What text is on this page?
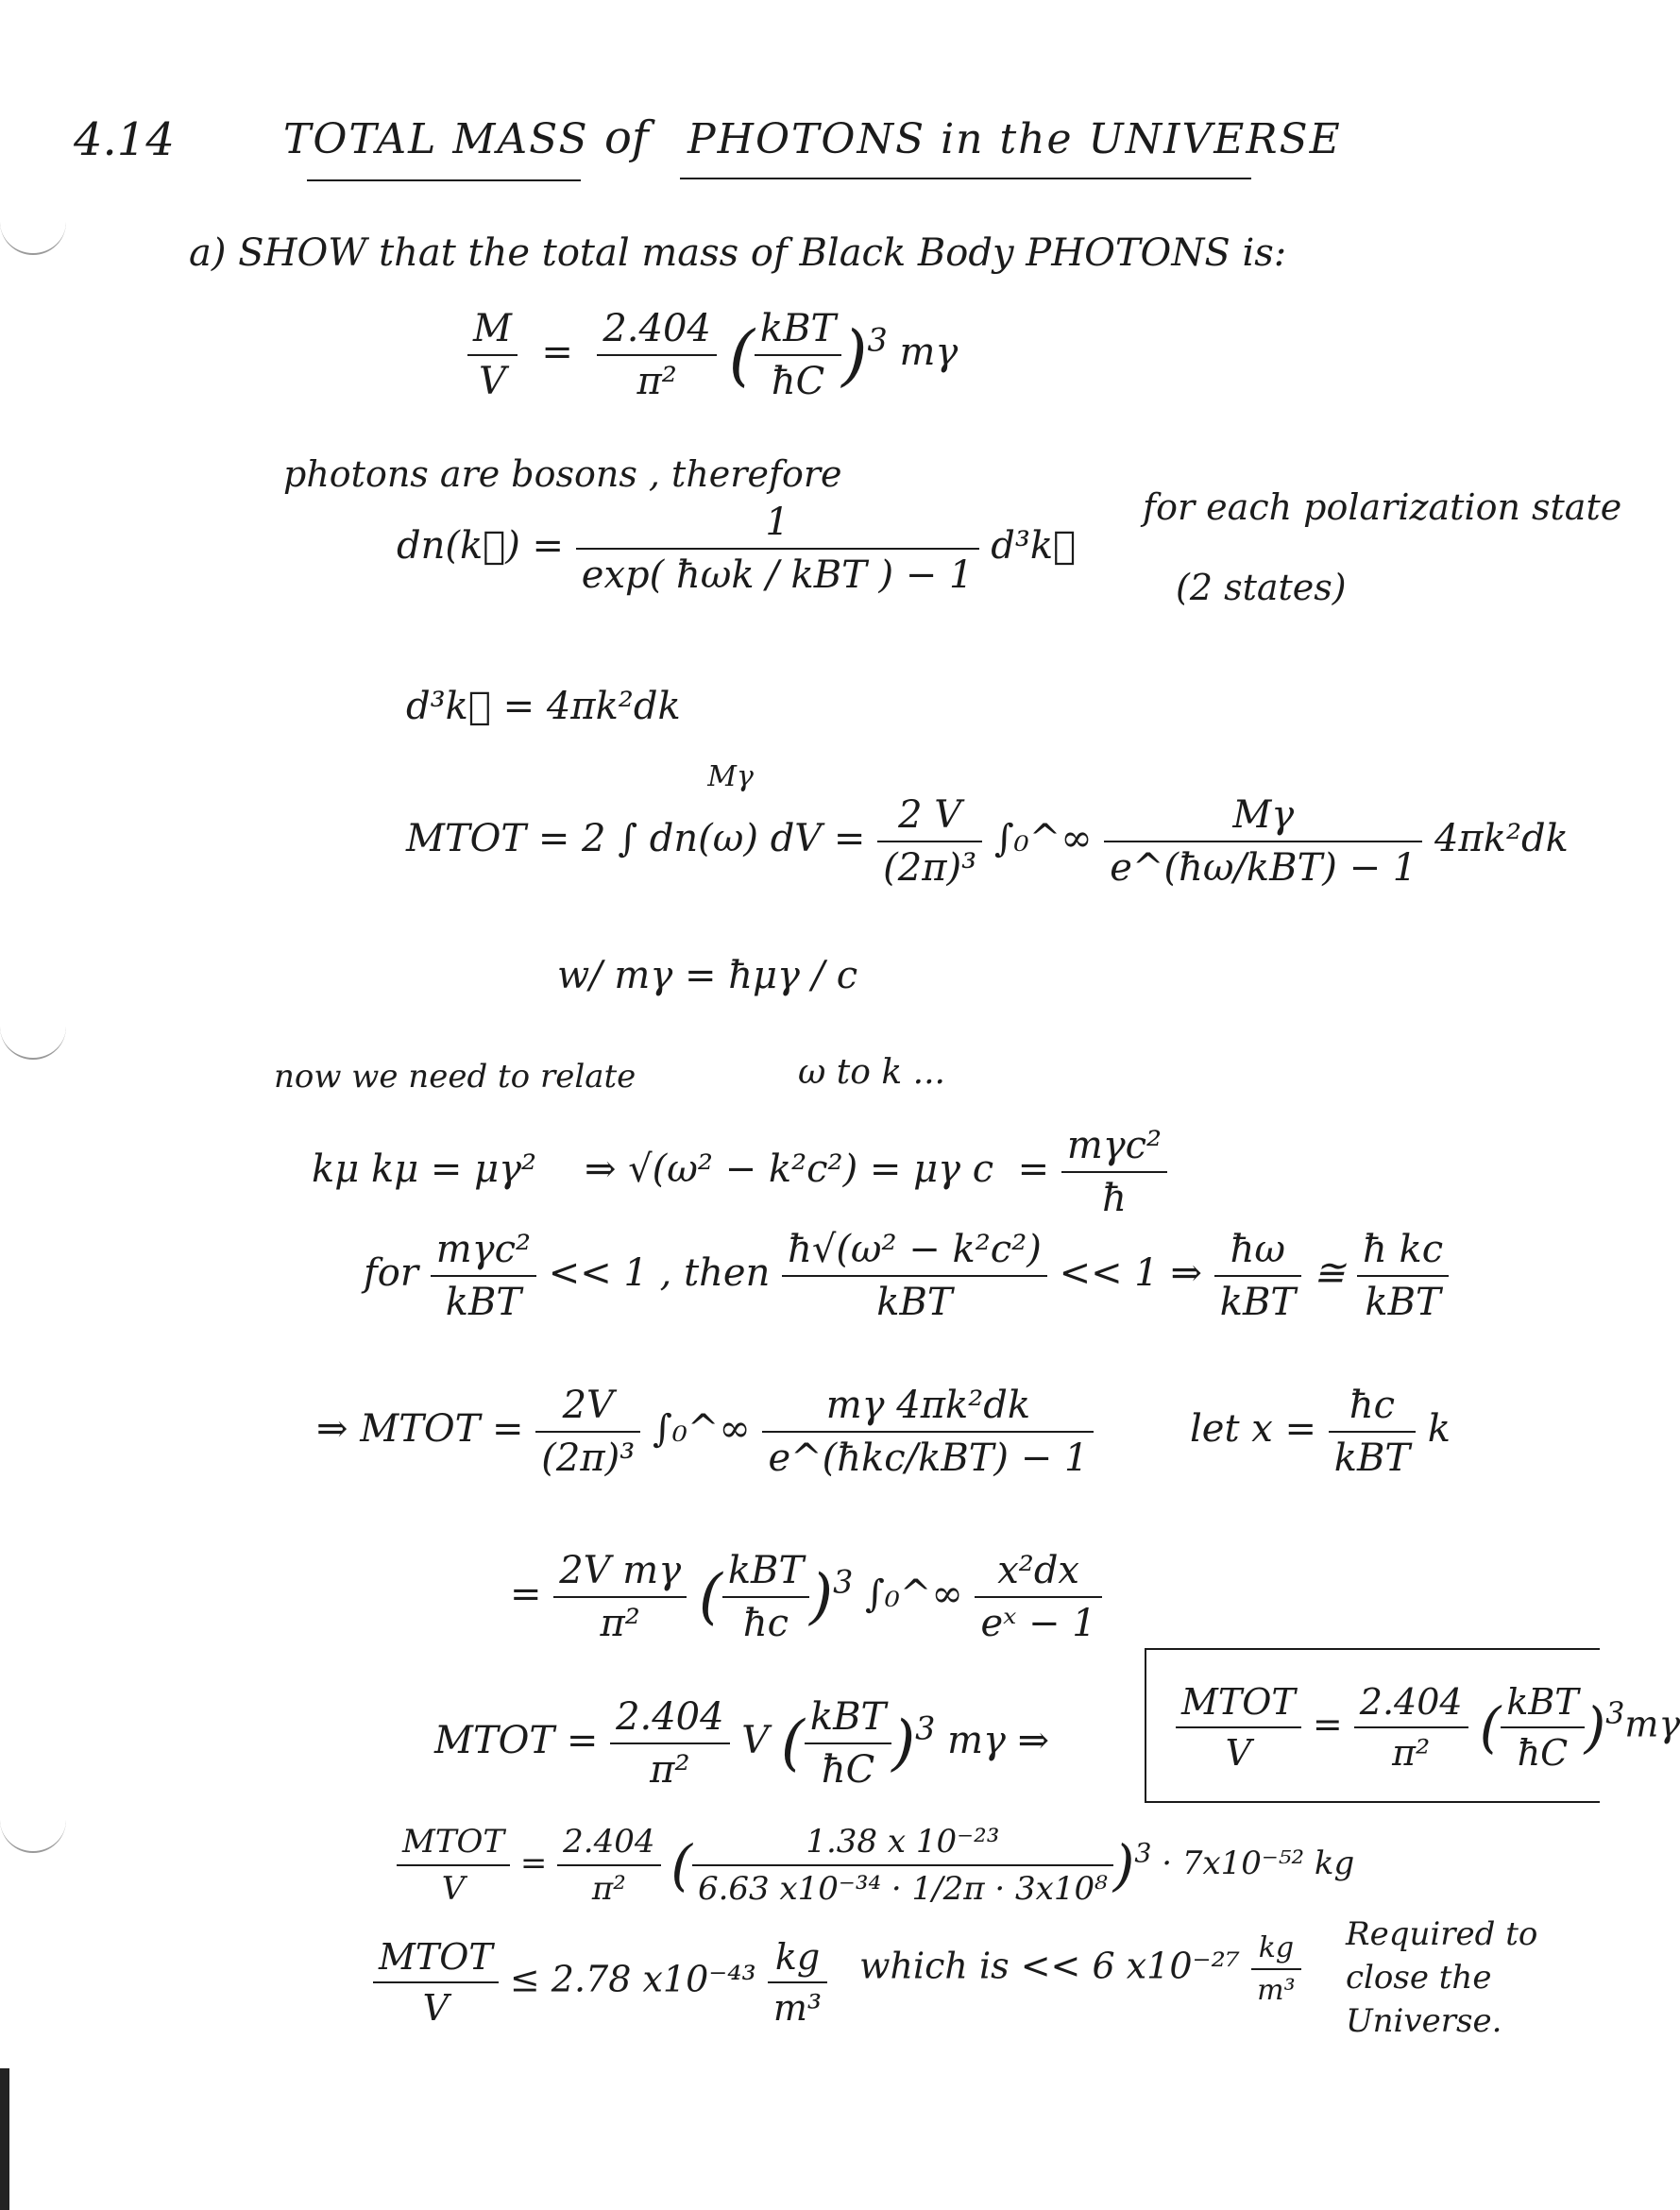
4.14	TOTAL MASS of PHOTONS in the UNIVERSE
a) SHOW that the total mass of Black Body PHOTONS is:
$\frac{M}{V} = \frac{2.404}{\text{π²}}$ ( $\frac{\text{kBT}}{ħC} )^3$ mγ
photons are bosons , therefore
dn(k⃗) = $\frac{1}{\text{exp( ħωk / kBT ) − 1}}$ d³k⃗
for each polarization state
(2 states)
d³k⃗ = 4πk²dk
MTOT = 2
Mγ
∫ dn(ω) dV = $\frac{2 V}{\text{(2π)³}}$ ∫₀^∞ $\frac{M\gamma}{\text{e\textasciicircum{}(ħω/kBT) − 1}} 4\pi k^2dk$
w/ mγ = ħμγ / c
now we need to relate	ω to k ...
kμ kμ = μγ² ⇒ √(ω² − k²c²) = μγ $c = \frac{\text{mγc²}}{ħ}$
for $\frac{\text{mγc²}}{\text{kBT}} << 1$ , then $\frac{\text{ħ√(ω² − k²c²)}}{\text{kBT}} << 1$ ⇒ $\frac{ħ\omega}{\text{kBT}}$ ≅ $\frac{\text{ħ kc}}{\text{kBT}}$
⇒ MTOT = $\frac{2V}{\text{(2π)³}}$ ∫₀^∞ $\frac{\text{mγ 4πk²dk}}{\text{e\textasciicircum{}(ħkc/kBT) − 1}}$	let $x = \frac{ħc}{\text{kBT}}$ k
= $\frac{\text{2V mγ}}{\text{π²}}$ ( $\frac{\text{kBT}}{ħc} )^3$ ∫₀^∞ $\frac{\text{x²dx}}{\text{eˣ − 1}}$
MTOT = $\frac{2.404}{\text{π²}}$ V ( $\frac{\text{kBT}}{ħC} )^3$ mγ ⇒	$\frac{\text{MTOT}}{V} = \frac{2.404}{\text{π²}}$ ( $\frac{\text{kBT}}{ħC} )^3m\gamma$
$\frac{\text{MTOT}}{V} = \frac{2.404}{\text{π²}}$ ( $\frac{\text{1.38 x 10⁻²³}}{\text{6.63 x10⁻³⁴ · 1/2π · 3x10⁸}} )^3 \cdot 7x10^{-52}$ kg
$\frac{\text{MTOT}}{V} \le 2.78$ $x10^{-43} \frac{kg}{\text{m³}}$ which is << 6 $x10^{-27} \frac{kg}{\text{m³}}$ Required to close the Universe.
